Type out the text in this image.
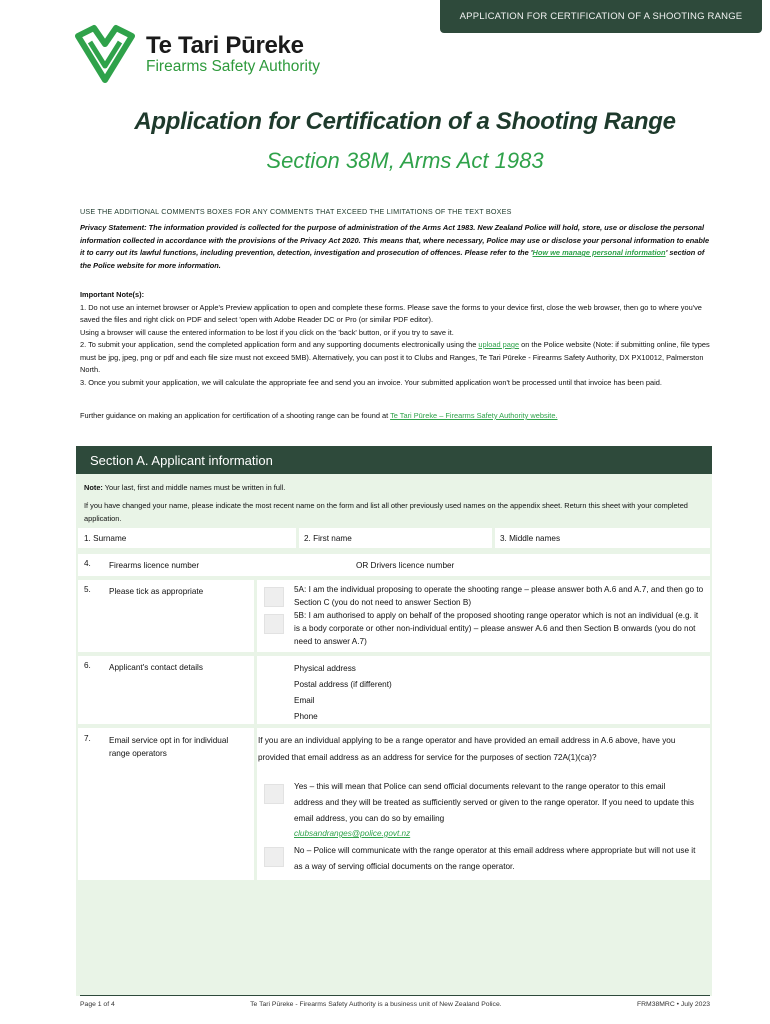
APPLICATION FOR CERTIFICATION OF A SHOOTING RANGE
Te Tari Pūreke
Firearms Safety Authority
Application for Certification of a Shooting Range
Section 38M, Arms Act 1983
USE THE ADDITIONAL COMMENTS BOXES FOR ANY COMMENTS THAT EXCEED THE LIMITATIONS OF THE TEXT BOXES
Privacy Statement: The information provided is collected for the purpose of administration of the Arms Act 1983. New Zealand Police will hold, store, use or disclose the personal information collected in accordance with the provisions of the Privacy Act 2020. This means that, where necessary, Police may use or disclose your personal information to enable it to carry out its lawful functions, including prevention, detection, investigation and prosecution of offences. Please refer to the 'How we manage personal information' section of the Police website for more information.
Important Note(s):
1. Do not use an internet browser or Apple's Preview application to open and complete these forms. Please save the forms to your device first, close the web browser, then go to where you've saved the files and right click on PDF and select 'open with Adobe Reader DC or Pro (or similar PDF editor).
Using a browser will cause the entered information to be lost if you click on the 'back' button, or if you try to save it.
2. To submit your application, send the completed application form and any supporting documents electronically using the upload page on the Police website (Note: if submitting online, file types must be jpg, jpeg, png or pdf and each file size must not exceed 5MB). Alternatively, you can post it to Clubs and Ranges, Te Tari Pūreke - Firearms Safety Authority, DX PX10012, Palmerston North.
3. Once you submit your application, we will calculate the appropriate fee and send you an invoice. Your submitted application won't be processed until that invoice has been paid.
Further guidance on making an application for certification of a shooting range can be found at Te Tari Pūreke – Firearms Safety Authority website.
Section A. Applicant information
Note: Your last, first and middle names must be written in full.
If you have changed your name, please indicate the most recent name on the form and list all other previously used names on the appendix sheet. Return this sheet with your completed application.
1. Surname	2. First name	3. Middle names
4. Firearms licence number	OR Drivers licence number
5. Please tick as appropriate	5A: I am the individual proposing to operate the shooting range – please answer both A.6 and A.7, and then go to Section C (you do not need to answer Section B)
5B: I am authorised to apply on behalf of the proposed shooting range operator which is not an individual (e.g. it is a body corporate or other non-individual entity) – please answer A.6 and then Section B onwards (you do not need to answer A.7)
6. Applicant's contact details	Physical address
Postal address (if different)
Email
Phone
7. Email service opt in for individual range operators
If you are an individual applying to be a range operator and have provided an email address in A.6 above, have you provided that email address as an address for service for the purposes of section 72A(1)(ca)?
Yes – this will mean that Police can send official documents relevant to the range operator to this email address and they will be treated as sufficiently served or given to the range operator. If you need to update this email address, you can do so by emailing
clubsandranges@police.govt.nz
No – Police will communicate with the range operator at this email address where appropriate but will not use it as a way of serving official documents on the range operator.
Page 1 of 4	Te Tari Pūreke - Firearms Safety Authority is a business unit of New Zealand Police.	FRM38MRC • July 2023
